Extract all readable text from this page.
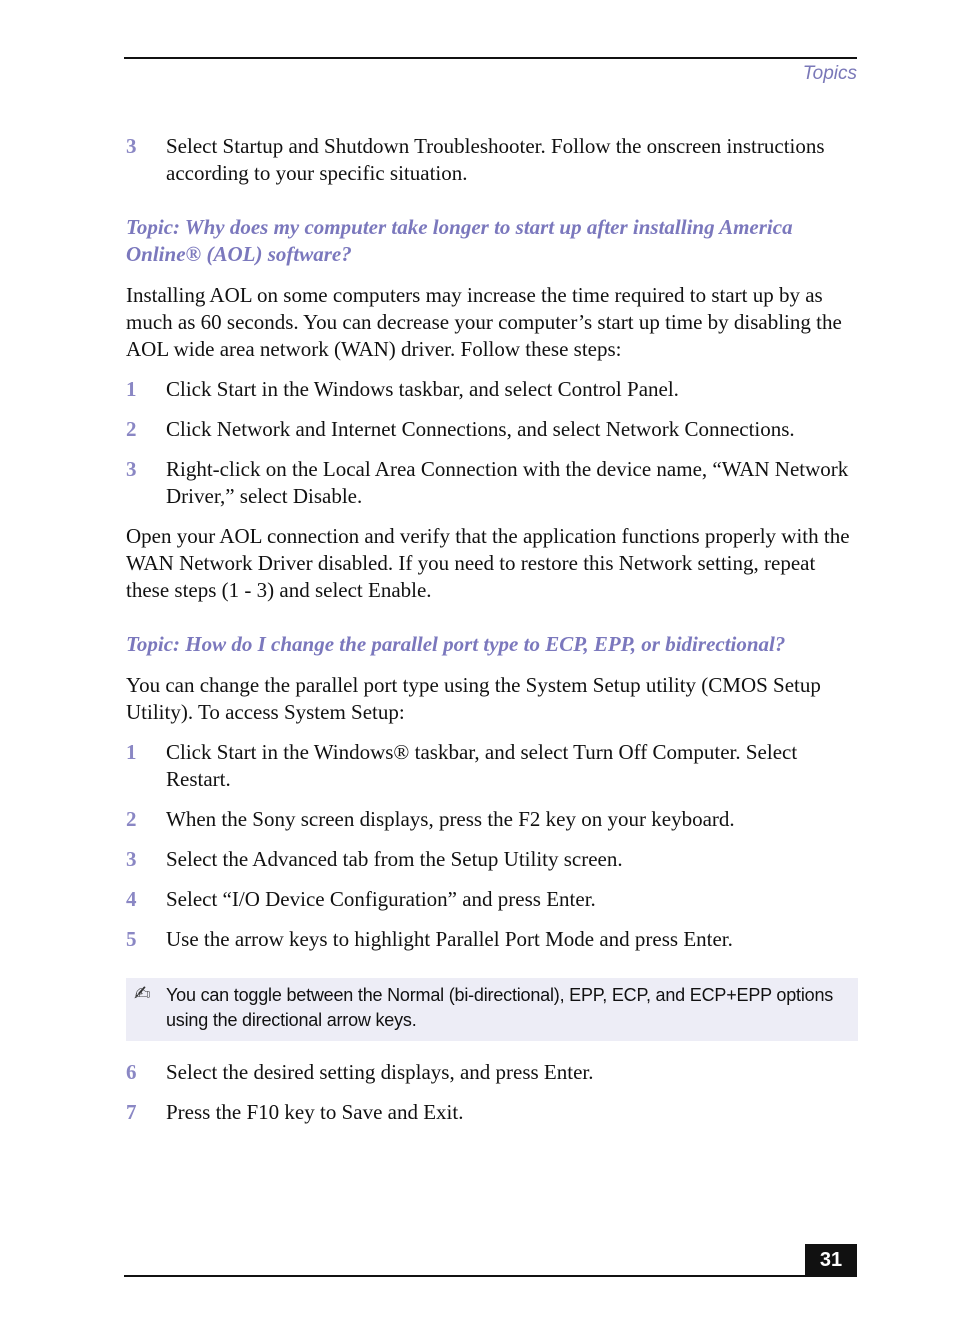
Topics
3 Select Startup and Shutdown Troubleshooter. Follow the onscreen instructions according to your specific situation.
Topic: Why does my computer take longer to start up after installing America Online® (AOL) software?
Installing AOL on some computers may increase the time required to start up by as much as 60 seconds. You can decrease your computer’s start up time by disabling the AOL wide area network (WAN) driver. Follow these steps:
1 Click Start in the Windows taskbar, and select Control Panel.
2 Click Network and Internet Connections, and select Network Connections.
3 Right-click on the Local Area Connection with the device name, “WAN Network Driver,” select Disable.
Open your AOL connection and verify that the application functions properly with the WAN Network Driver disabled. If you need to restore this Network setting, repeat these steps (1 - 3) and select Enable.
Topic: How do I change the parallel port type to ECP, EPP, or bidirectional?
You can change the parallel port type using the System Setup utility (CMOS Setup Utility). To access System Setup:
1 Click Start in the Windows® taskbar, and select Turn Off Computer. Select Restart.
2 When the Sony screen displays, press the F2 key on your keyboard.
3 Select the Advanced tab from the Setup Utility screen.
4 Select “I/O Device Configuration” and press Enter.
5 Use the arrow keys to highlight Parallel Port Mode and press Enter.
✍ You can toggle between the Normal (bi-directional), EPP, ECP, and ECP+EPP options using the directional arrow keys.
6 Select the desired setting displays, and press Enter.
7 Press the F10 key to Save and Exit.
31
